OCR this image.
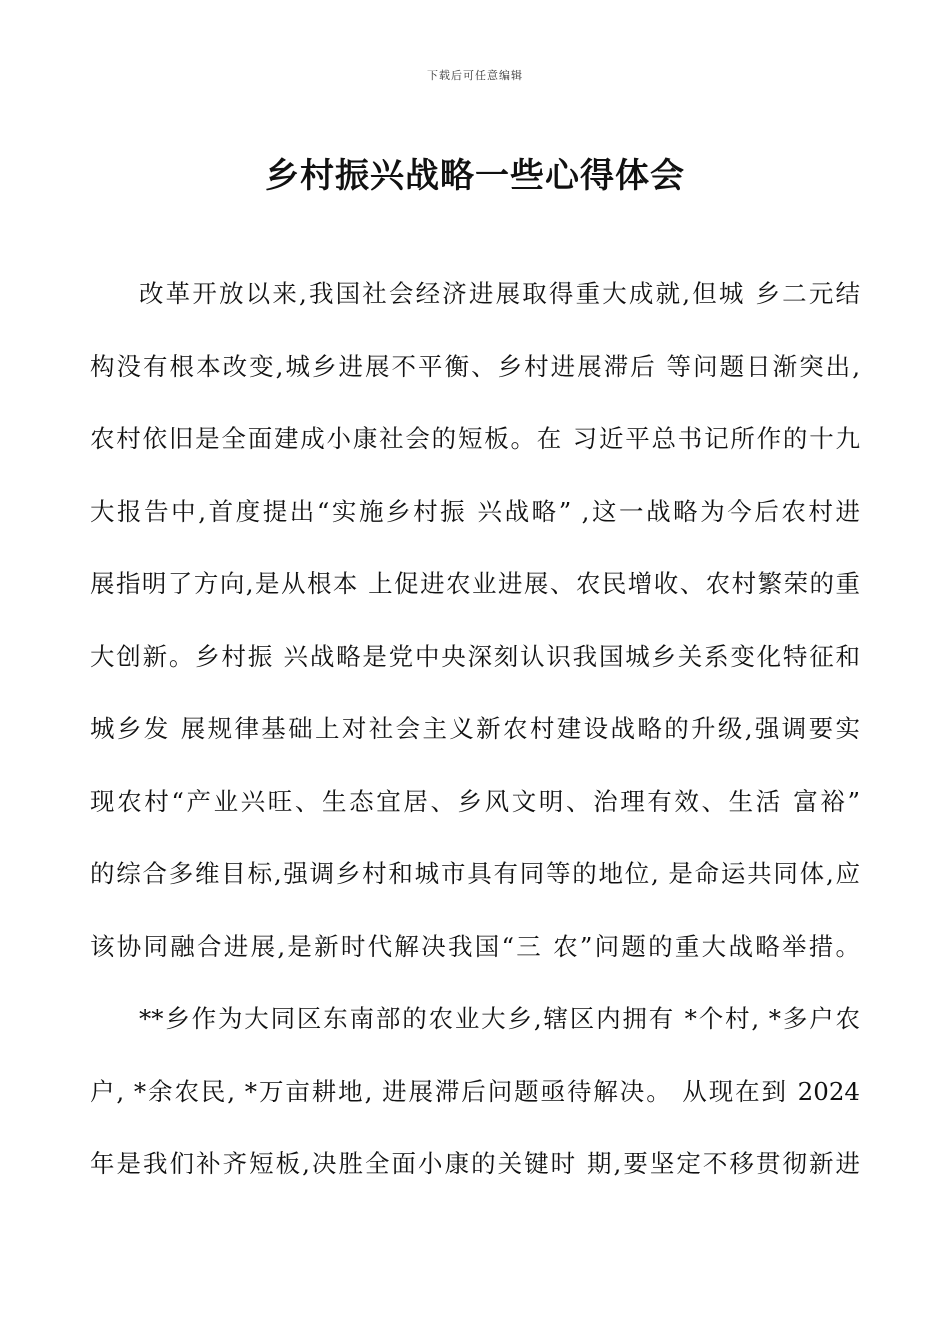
下载后可任意编辑
乡村振兴战略一些心得体会
改革开放以来,我国社会经济进展取得重大成就,但城 乡二元结
构没有根本改变,城乡进展不平衡、乡村进展滞后 等问题日渐突出,
农村依旧是全面建成小康社会的短板。在 习近平总书记所作的十九
大报告中,首度提出“实施乡村振 兴战略” ,这一战略为今后农村进
展指明了方向,是从根本 上促进农业进展、农民增收、农村繁荣的重
大创新。乡村振 兴战略是党中央深刻认识我国城乡关系变化特征和
城乡发 展规律基础上对社会主义新农村建设战略的升级,强调要实
现农村“产业兴旺、生态宜居、乡风文明、治理有效、生活 富裕”
的综合多维目标,强调乡村和城市具有同等的地位, 是命运共同体,应
该协同融合进展,是新时代解决我国“三 农”问题的重大战略举措。
**乡作为大同区东南部的农业大乡,辖区内拥有 *个村, *多户农
户, *余农民, *万亩耕地, 进展滞后问题亟待解决。 从现在到 2024
年是我们补齐短板,决胜全面小康的关键时 期,要坚定不移贯彻新进
